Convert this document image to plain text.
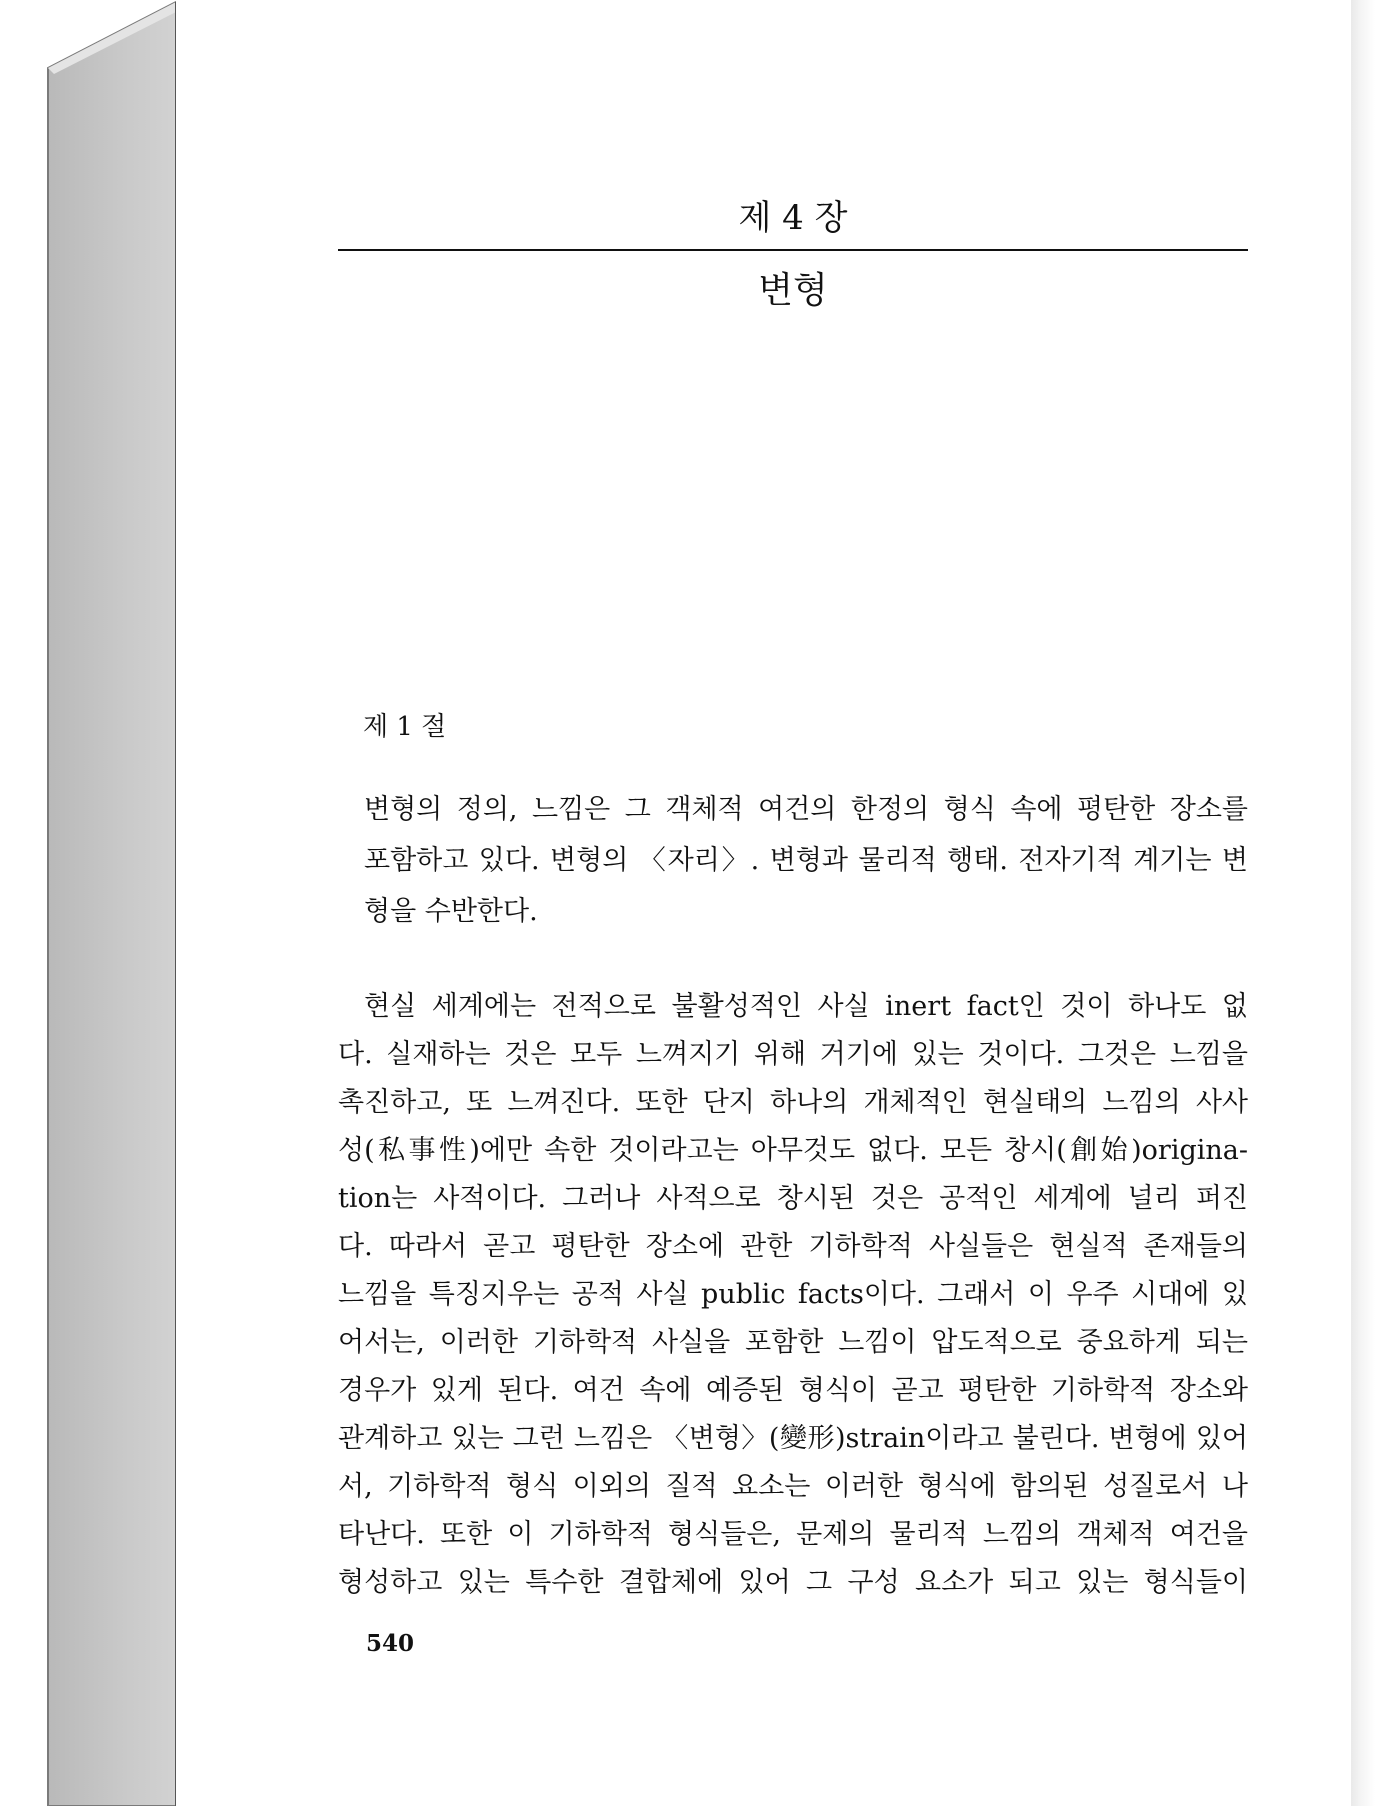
제 4 장
변형
제 1 절
변형의 정의, 느낌은 그 객체적 여건의 한정의 형식 속에 평탄한 장소를
포함하고 있다. 변형의 〈자리〉. 변형과 물리적 행태. 전자기적 계기는 변
형을 수반한다.
현실 세계에는 전적으로 불활성적인 사실 inert fact인 것이 하나도 없
다. 실재하는 것은 모두 느껴지기 위해 거기에 있는 것이다. 그것은 느낌을
촉진하고, 또 느껴진다. 또한 단지 하나의 개체적인 현실태의 느낌의 사사
성(私事性)에만 속한 것이라고는 아무것도 없다. 모든 창시(創始)origina-
tion는 사적이다. 그러나 사적으로 창시된 것은 공적인 세계에 널리 퍼진
다. 따라서 곧고 평탄한 장소에 관한 기하학적 사실들은 현실적 존재들의
느낌을 특징지우는 공적 사실 public facts이다. 그래서 이 우주 시대에 있
어서는, 이러한 기하학적 사실을 포함한 느낌이 압도적으로 중요하게 되는
경우가 있게 된다. 여건 속에 예증된 형식이 곧고 평탄한 기하학적 장소와
관계하고 있는 그런 느낌은 〈변형〉(變形)strain이라고 불린다. 변형에 있어
서, 기하학적 형식 이외의 질적 요소는 이러한 형식에 함의된 성질로서 나
타난다. 또한 이 기하학적 형식들은, 문제의 물리적 느낌의 객체적 여건을
형성하고 있는 특수한 결합체에 있어 그 구성 요소가 되고 있는 형식들이
540
